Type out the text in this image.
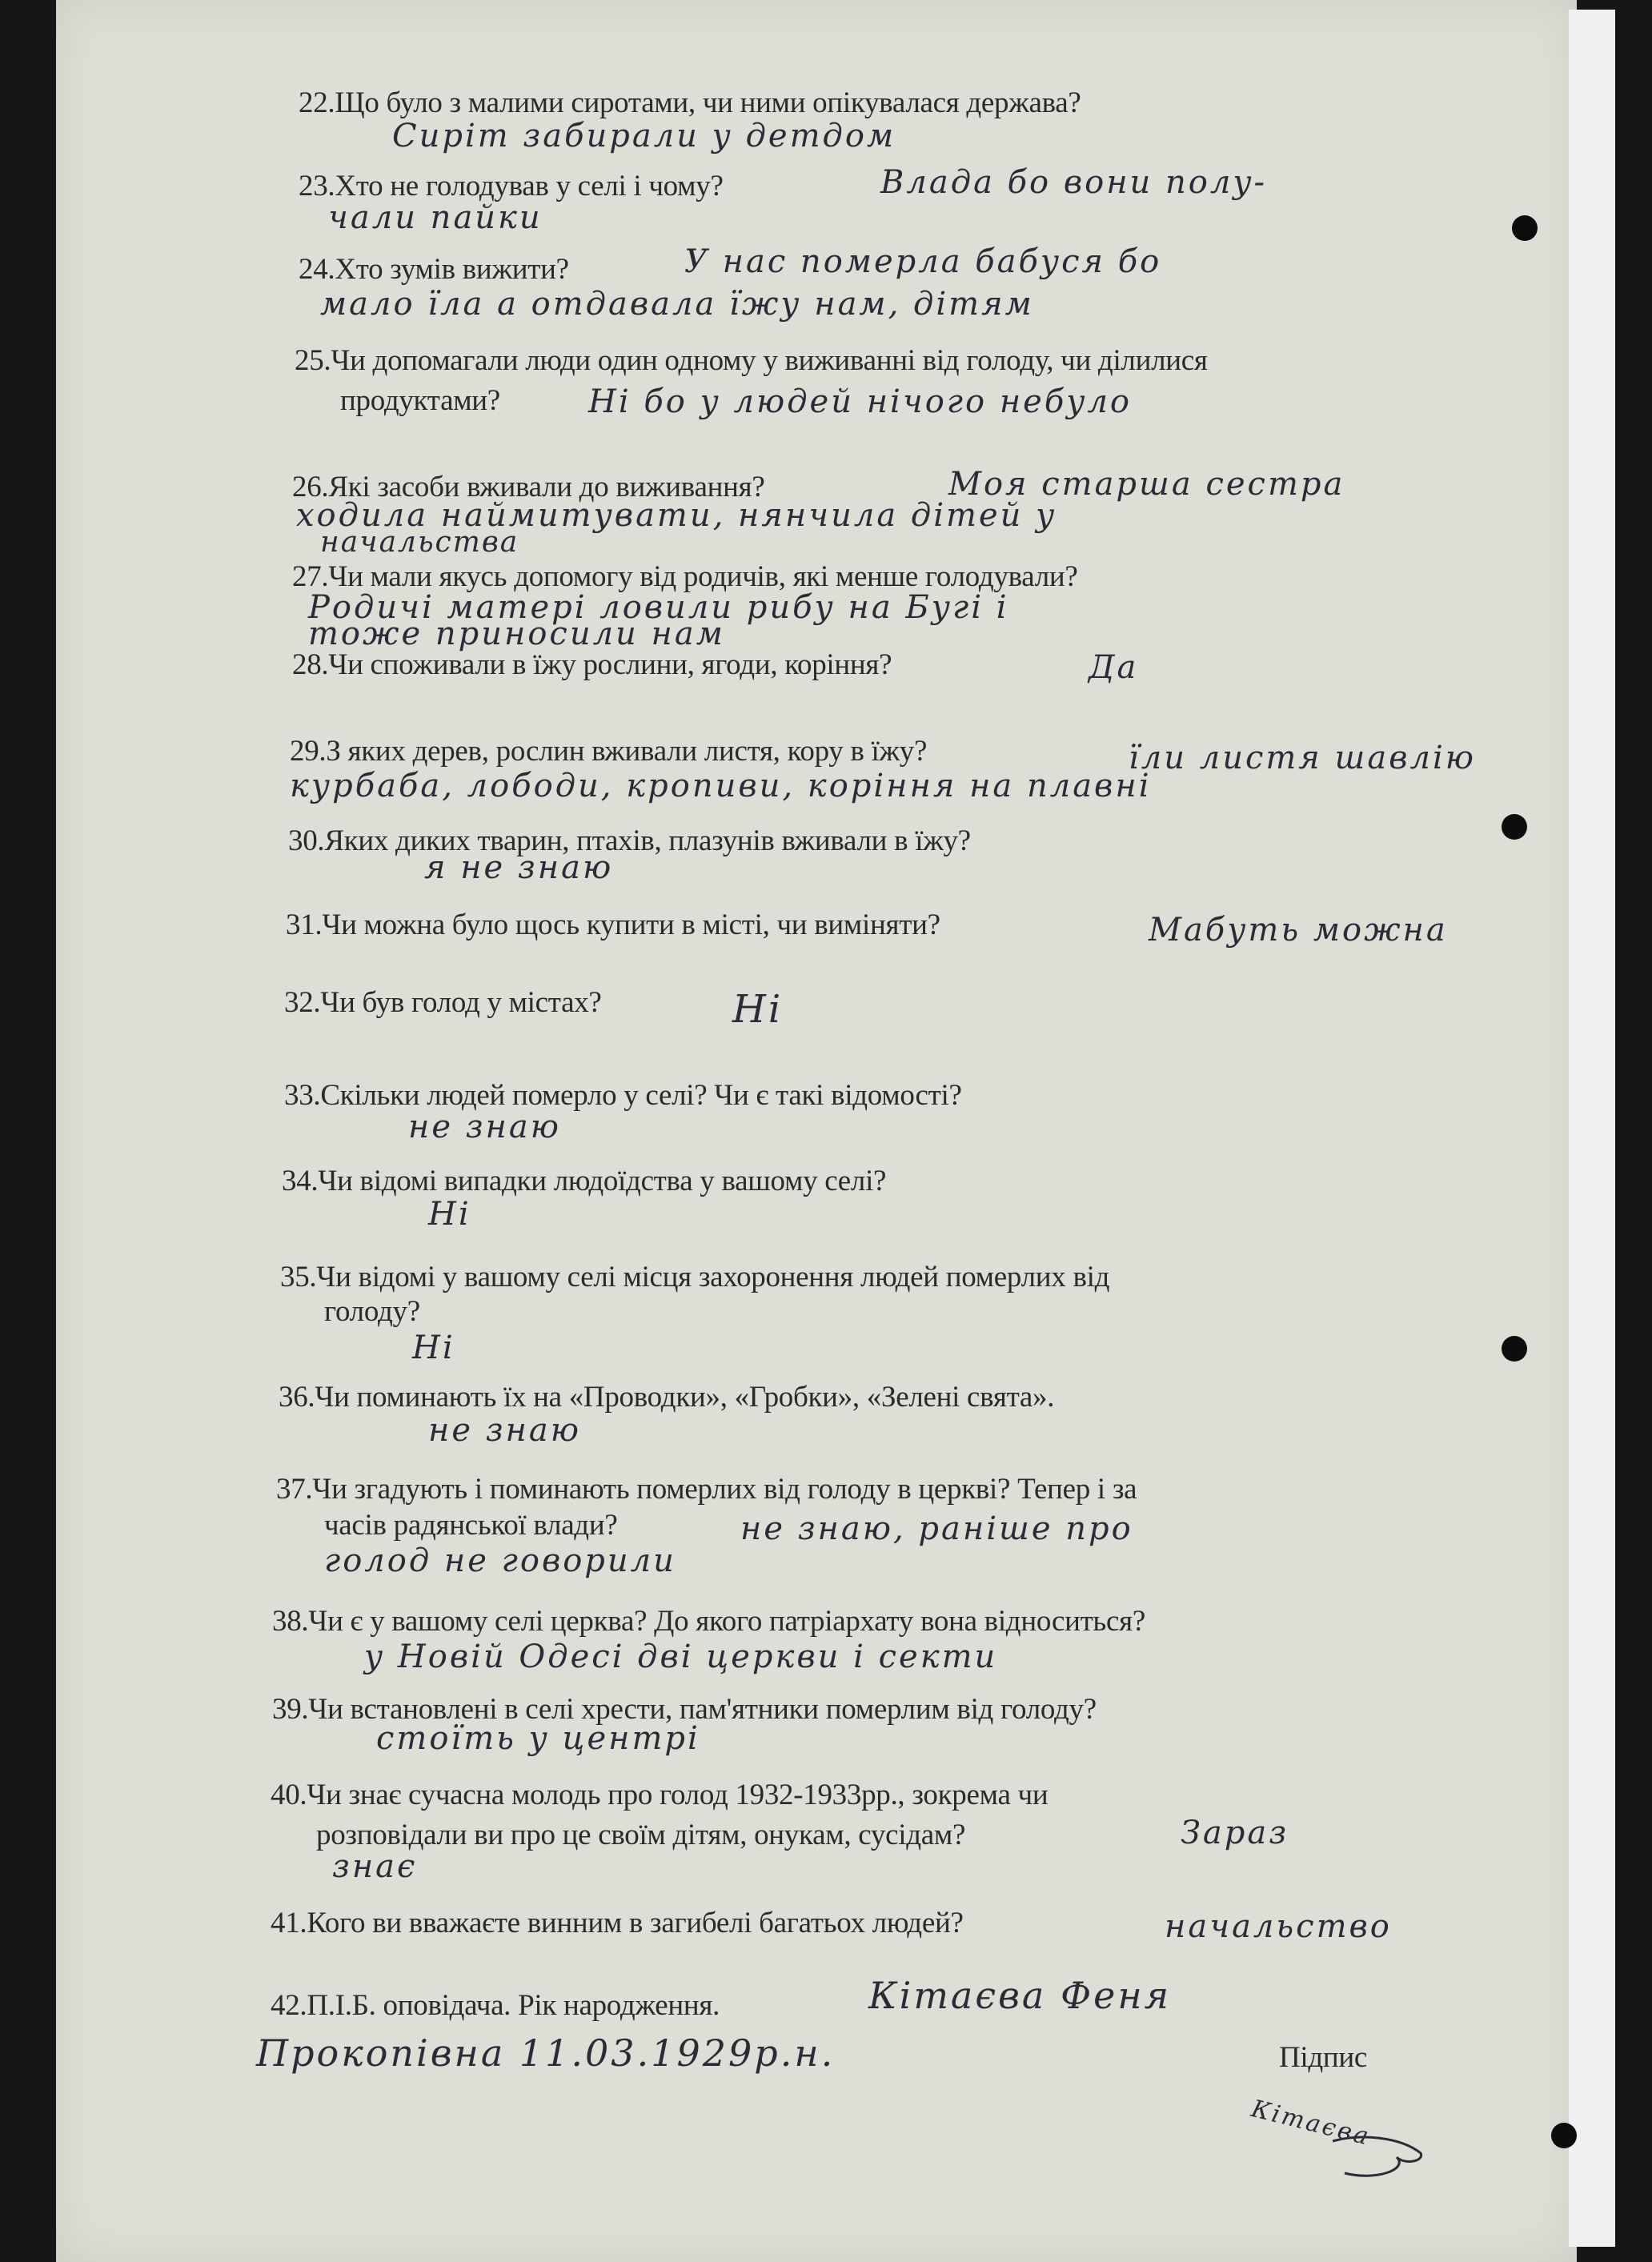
22.Що було з малими сиротами, чи ними опікувалася держава?
Сиріт забирали у детдом
23.Хто не голодував у селі і чому?	Влада бо вони полу-
чали пайки
24.Хто зумів вижити?	У нас померла бабуся бо
мало їла а отдавала їжу нам, дітям
25.Чи допомагали люди один одному у виживанні від голоду, чи ділилися
продуктами?	Ні бо у людей нічого небуло
26.Які засоби вживали до виживання?	Моя старша сестра
ходила наймитувати, нянчила дітей у
начальства
27.Чи мали якусь допомогу від родичів, які менше голодували?
Родичі матері ловили рибу на Бугі і
тоже приносили нам
28.Чи споживали в їжу рослини, ягоди, коріння?	Да
29.З яких дерев, рослин вживали листя, кору в їжу?	їли листя шавлію
курбаба, лободи, кропиви, коріння на плавні
30.Яких диких тварин, птахів, плазунів вживали в їжу?
я не знаю
31.Чи можна було щось купити в місті, чи виміняти?	Мабуть можна
32.Чи був голод у містах?	Ні
33.Скільки людей померло у селі? Чи є такі відомості?
не знаю
34.Чи відомі випадки людоїдства у вашому селі?
Ні
35.Чи відомі у вашому селі місця захоронення людей померлих від
голоду?
Ні
36.Чи поминають їх на «Проводки», «Гробки», «Зелені свята».
не знаю
37.Чи згадують і поминають померлих від голоду в церкві? Тепер і за
часів радянської влади?	не знаю, раніше про
голод не говорили
38.Чи є у вашому селі церква? До якого патріархату вона відноситься?
у Новій Одесі дві церкви і секти
39.Чи встановлені в селі хрести, пам'ятники померлим від голоду?
стоїть у центрі
40.Чи знає сучасна молодь про голод 1932-1933рр., зокрема чи
розповідали ви про це своїм дітям, онукам, сусідам?	Зараз
знає
41.Кого ви вважаєте винним в загибелі багатьох людей?	начальство
42.П.І.Б. оповідача. Рік народження.	Кітаєва Феня
Прокопівна 11.03.1929р.н.	Підпис
Кітаєва
